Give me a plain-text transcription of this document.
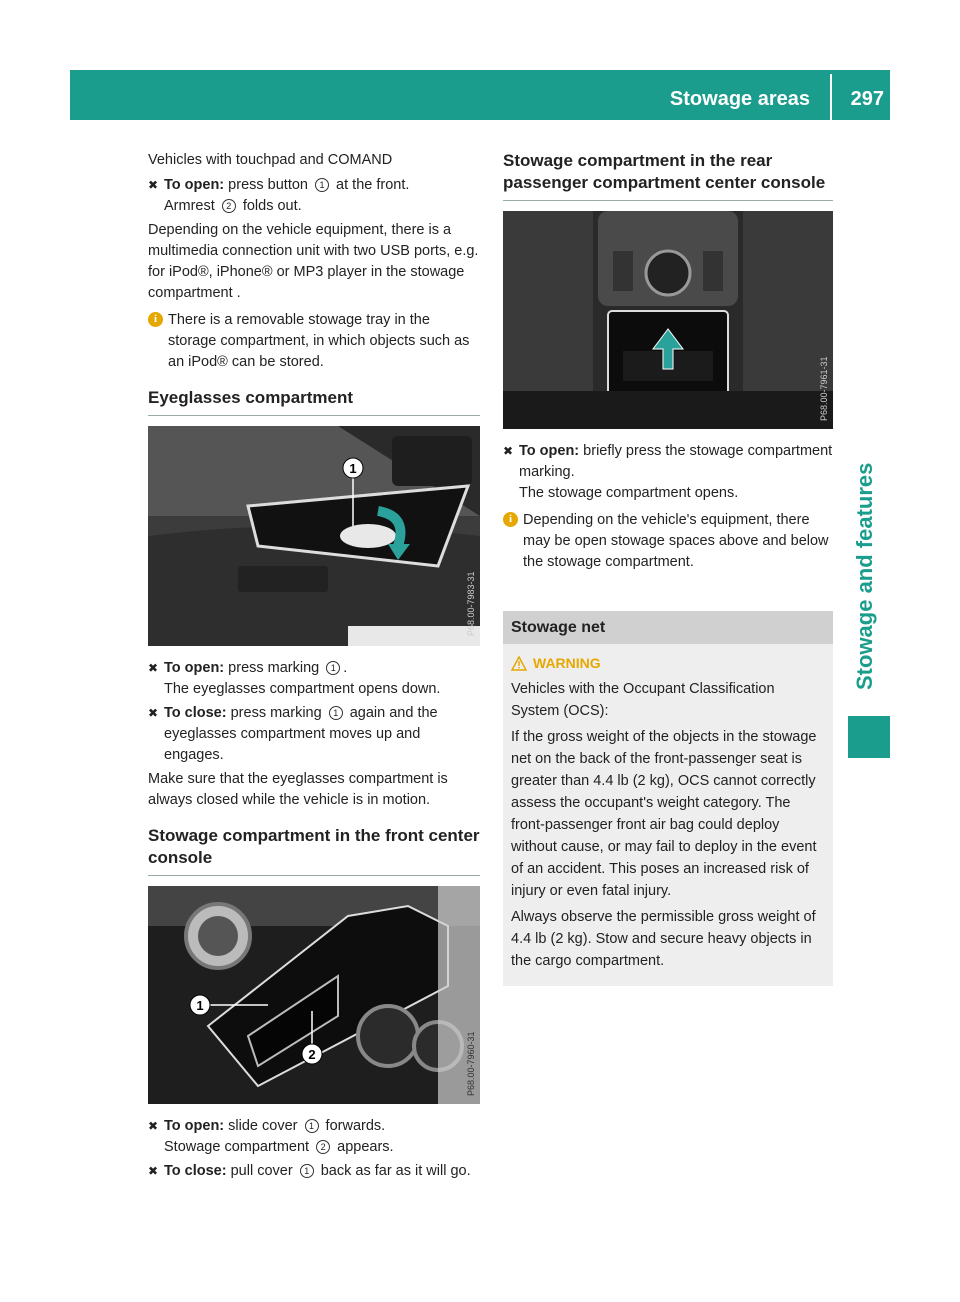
Stowage areas 297
Stowage and features

Vehicles with touchpad and COMAND

✖ To open: press button 1 at the front.
Armrest 2 folds out.

Depending on the vehicle equipment, there is a multimedia connection unit with two USB ports, e.g. for iPod®, iPhone® or MP3 player in the stowage compartment .

i There is a removable stowage tray in the storage compartment, in which objects such as an iPod® can be stored.
Eyeglasses compartment
1
P68.00-7983-31
✖ To open: press marking 1 .
The eyeglasses compartment opens down.
✖ To close: press marking 1 again and the eyeglasses compartment moves up and engages.

Make sure that the eyeglasses compartment is always closed while the vehicle is in motion.

Stowage compartment in the front center console
1
2	P68.00-7960-31
✖ To open: slide cover 1 forwards.
Stowage compartment 2 appears.
✖ To close: pull cover 1 back as far as it will go.
Stowage compartment in the rear passenger compartment center console
P68.00-7961-31
✖ To open: briefly press the stowage compartment marking.
The stowage compartment opens.
i Depending on the vehicle's equipment, there may be open stowage spaces above and below the stowage compartment.
Stowage net
WARNING

Vehicles with the Occupant Classification System (OCS):

If the gross weight of the objects in the stowage net on the back of the front-passenger seat is greater than 4.4 lb (2 kg), OCS cannot correctly assess the occupant's weight category. The front-passenger front air bag could deploy without cause, or may fail to deploy in the event of an accident. This poses an increased risk of injury or even fatal injury.

Always observe the permissible gross weight of 4.4 lb (2 kg). Stow and secure heavy objects in the cargo compartment.
